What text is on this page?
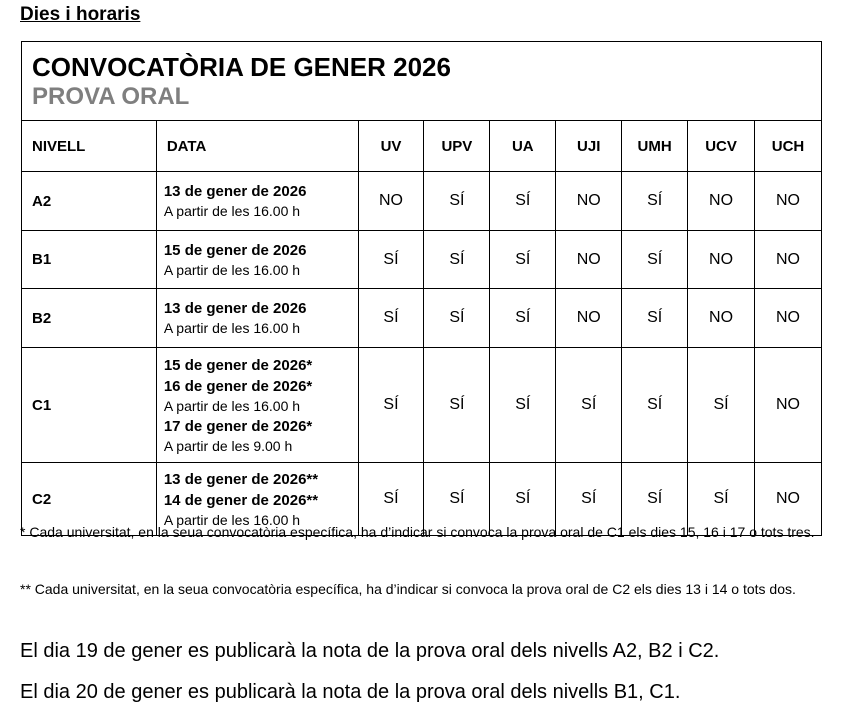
Dies i horaris
CONVOCATÒRIA DE GENER 2026
PROVA ORAL								

NIVELL	DATA	UV	UPV	UA	UJI	UMH	UCV	UCH
A2	13 de gener de 2026
A partir de les 16.00 h	NO	SÍ	SÍ	NO	SÍ	NO	NO
B1	15 de gener de 2026
A partir de les 16.00 h	SÍ	SÍ	SÍ	NO	SÍ	NO	NO
B2	13 de gener de 2026
A partir de les 16.00 h	SÍ	SÍ	SÍ	NO	SÍ	NO	NO
C1	15 de gener de 2026*
16 de gener de 2026*
A partir de les 16.00 h
17 de gener de 2026*
A partir de les 9.00 h	SÍ	SÍ	SÍ	SÍ	SÍ	SÍ	NO
C2	13 de gener de 2026**
14 de gener de 2026**
A partir de les 16.00 h	SÍ	SÍ	SÍ	SÍ	SÍ	SÍ	NO

* Cada universitat, en la seua convocatòria específica, ha d’indicar si convoca la prova oral de C1 els dies 15, 16 i 17 o tots tres.

** Cada universitat, en la seua convocatòria específica, ha d’indicar si convoca la prova oral de C2 els dies 13 i 14 o tots dos.

El dia 19 de gener es publicarà la nota de la prova oral dels nivells A2, B2 i C2.

El dia 20 de gener es publicarà la nota de la prova oral dels nivells B1, C1.
